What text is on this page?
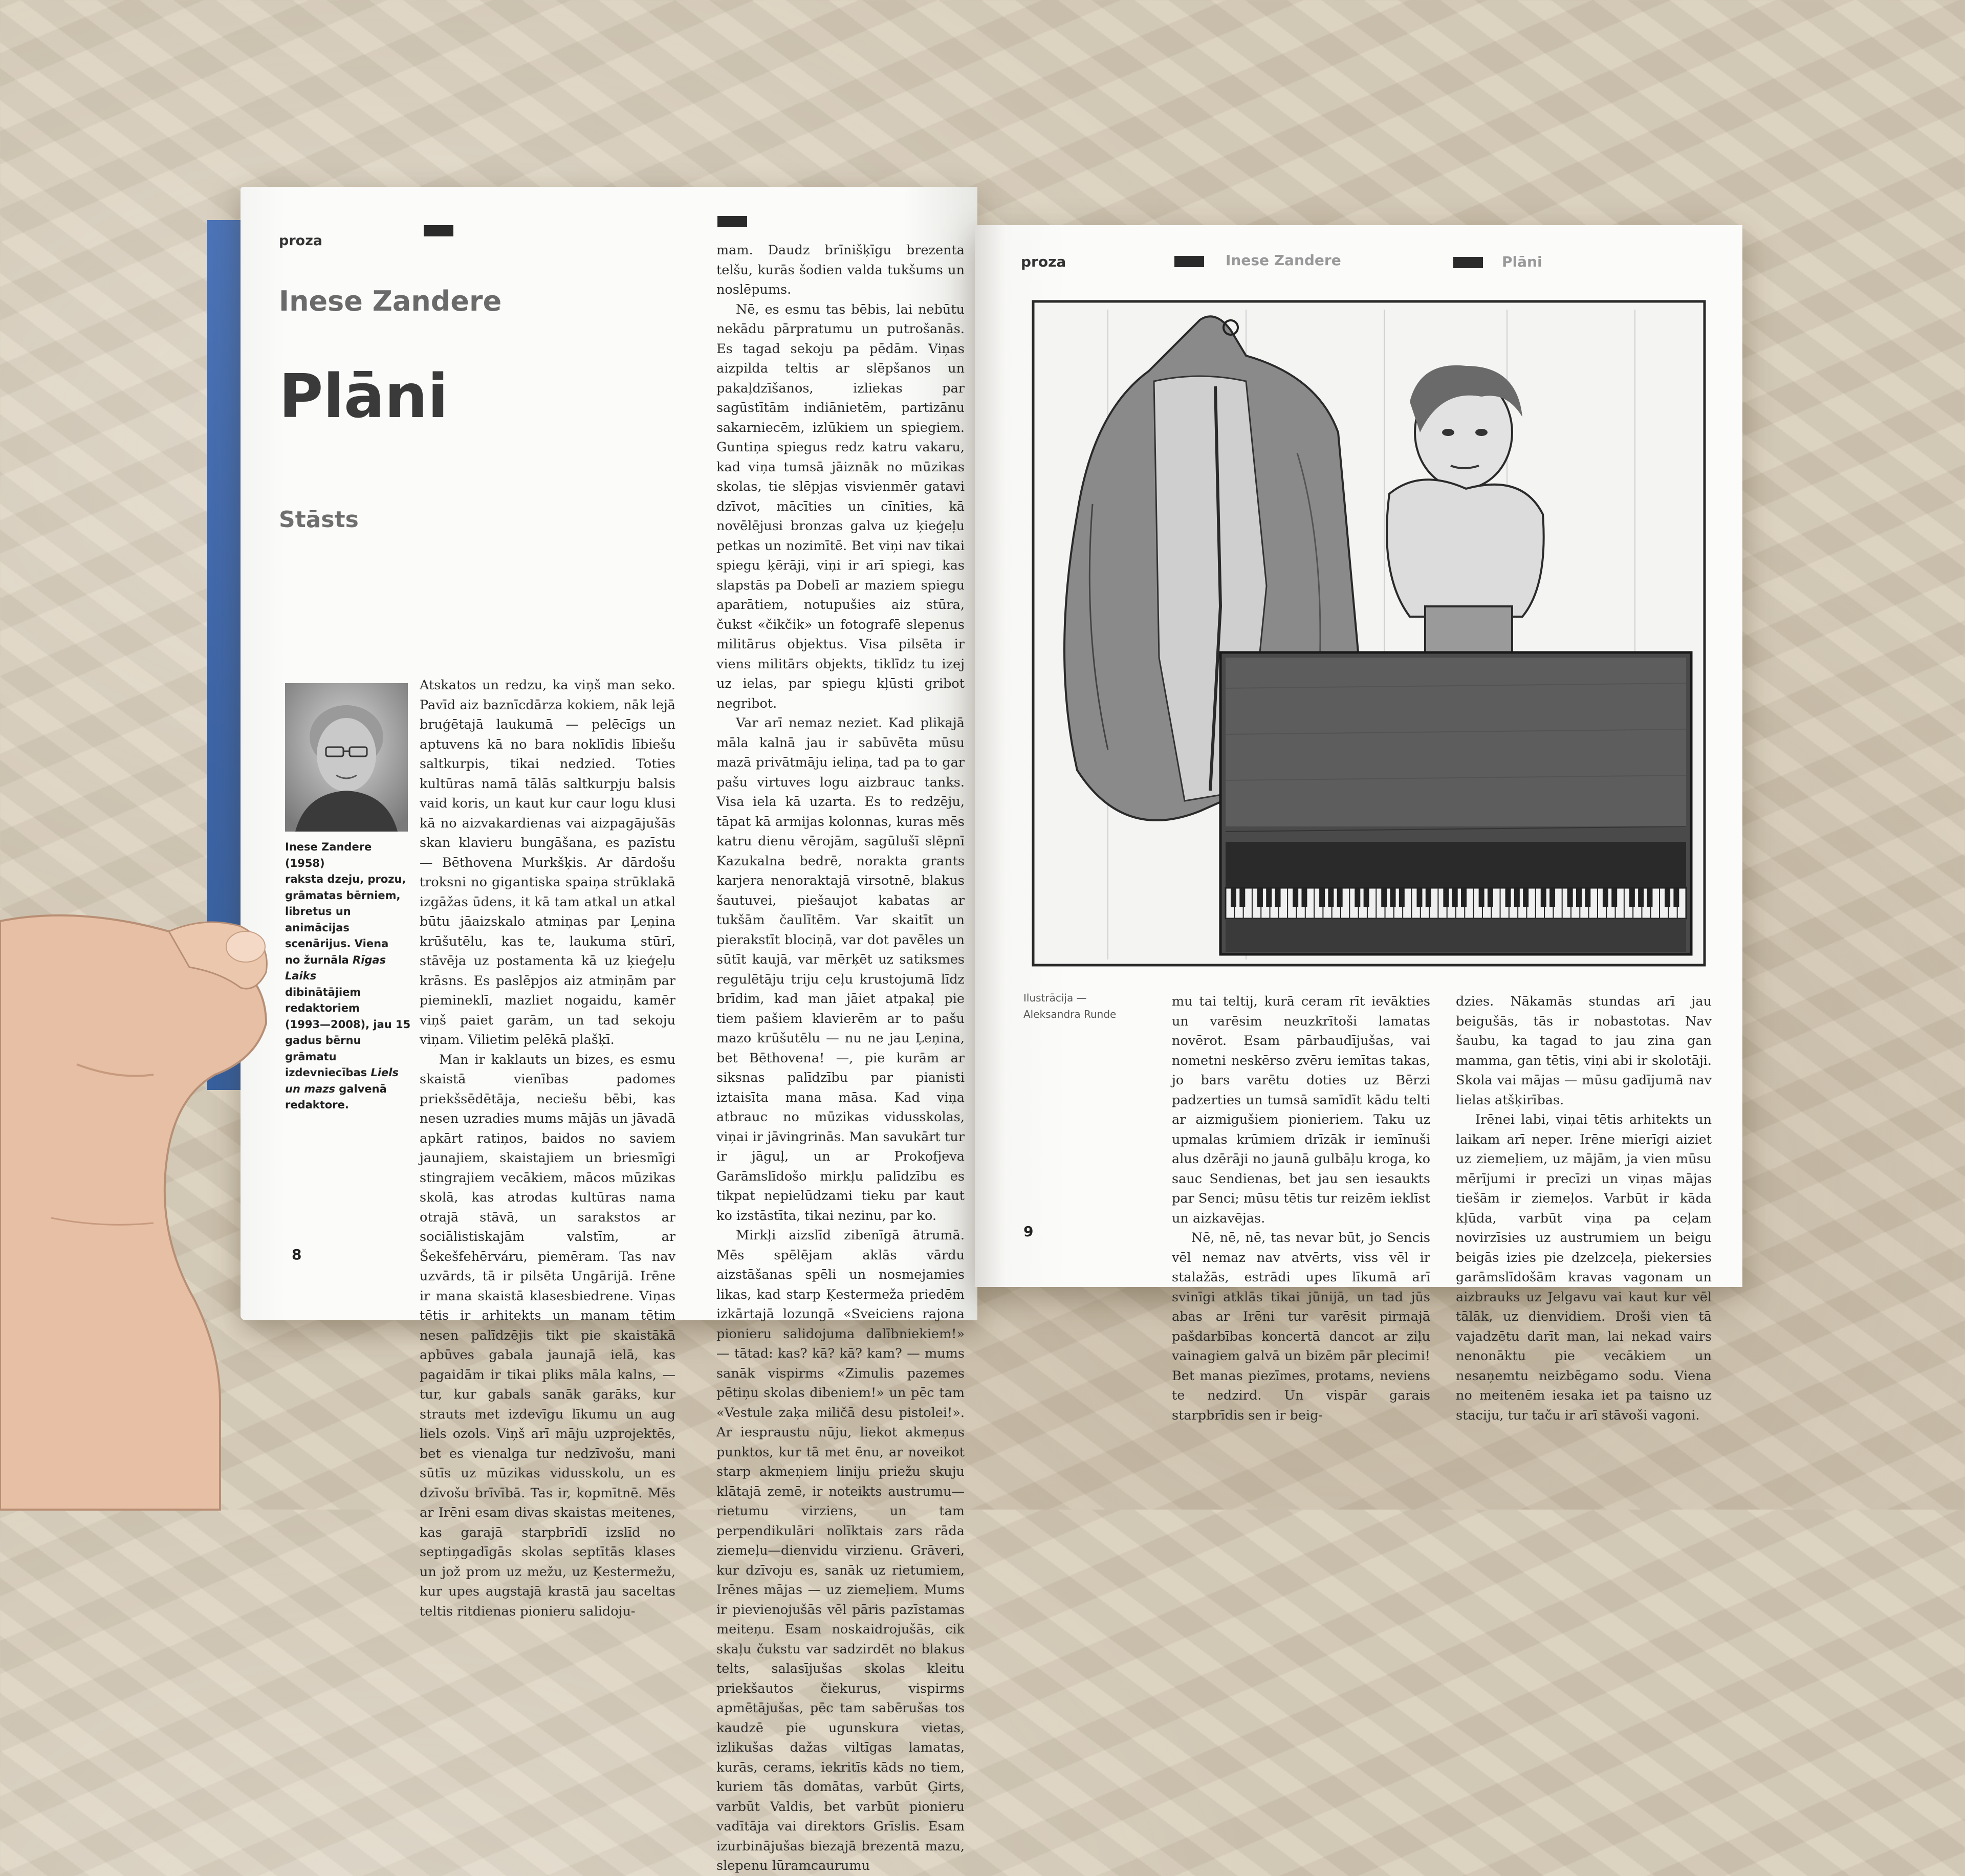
proza
Inese Zandere
Plāni
Stāsts
Inese Zandere (1958)
raksta dzeju, prozu,
grāmatas bērniem,
libretus un animācijas
scenārijus. Viena
no žurnāla Rīgas Laiks
dibinātājiem
redaktoriem
(1993—2008), jau 15
gadus bērnu grāmatu
izdevniecības Liels un mazs galvenā
redaktore.

Atskatos un redzu, ka viņš man seko. Pavīd aiz baznīcdārza kokiem, nāk lejā bruģētajā laukumā — pelēcīgs un aptuvens kā no bara noklīdis lībiešu saltkurpis, tikai nedzied. Toties kultūras namā tālās saltkurpju balsis vaid koris, un kaut kur caur logu klusi kā no aizvakardienas vai aizpagājušās skan klavieru bungāšana, es pazīstu — Bēthovena Murkšķis. Ar dārdošu troksni no gigantiska spaiņa strūklakā izgāžas ūdens, it kā tam atkal un atkal būtu jāaizskalo atmiņas par Ļeņina krūšutēlu, kas te, laukuma stūrī, stāvēja uz postamenta kā uz ķieģeļu krāsns. Es paslēpjos aiz atmiņām par piemineklī, mazliet nogaidu, kamēr viņš paiet garām, un tad sekoju viņam. Vilietim pelēkā plašķī.

Man ir kaklauts un bizes, es esmu skaistā vienības padomes priekšsēdētāja, neciešu bēbi, kas nesen uzradies mums mājās un jāvadā apkārt ratiņos, baidos no saviem jaunajiem, skaistajiem un briesmīgi stingrajiem vecākiem, mācos mūzikas skolā, kas atrodas kultūras nama otrajā stāvā, un sarakstos ar sociālistiskajām valstīm, ar Šekešfehērváru, piemēram. Tas nav uzvārds, tā ir pilsēta Ungārijā. Irēne ir mana skaistā klasesbiedrene. Viņas tētis ir arhitekts un manam tētim nesen palīdzējis tikt pie skaistākā apbūves gabala jaunajā ielā, kas pagaidām ir tikai pliks māla kalns, — tur, kur gabals sanāk garāks, kur strauts met izdevīgu līkumu un aug liels ozols. Viņš arī māju uzprojektēs, bet es vienalga tur nedzīvošu, mani sūtīs uz mūzikas vidusskolu, un es dzīvošu brīvībā. Tas ir, kopmītnē. Mēs ar Irēni esam divas skaistas meitenes, kas garajā starpbrīdī izslīd no septiņgadīgās skolas septītās klases un jož prom uz mežu, uz Ķestermežu, kur upes augstajā krastā jau saceltas teltis ritdienas pionieru salidoju-

mam. Daudz brīnišķīgu brezenta telšu, kurās šodien valda tukšums un noslēpums.

Nē, es esmu tas bēbis, lai nebūtu nekādu pārpratumu un putrošanās. Es tagad sekoju pa pēdām. Viņas aizpilda teltis ar slēpšanos un pakaļdzīšanos, izliekas par sagūstītām indiānietēm, partizānu sakarniecēm, izlūkiem un spiegiem. Guntiņa spiegus redz katru vakaru, kad viņa tumsā jāiznāk no mūzikas skolas, tie slēpjas visvienmēr gatavi dzīvot, mācīties un cīnīties, kā novēlējusi bronzas galva uz ķieģeļu petkas un nozimītē. Bet viņi nav tikai spiegu ķērāji, viņi ir arī spiegi, kas slapstās pa Dobelī ar maziem spiegu aparātiem, notupušies aiz stūra, čukst «čikčik» un fotografē slepenus militārus objektus. Visa pilsēta ir viens militārs objekts, tiklīdz tu izej uz ielas, par spiegu kļūsti gribot negribot.

Var arī nemaz neziet. Kad plikajā māla kalnā jau ir sabūvēta mūsu mazā privātmāju ieliņa, tad pa to gar pašu virtuves logu aizbrauc tanks. Visa iela kā uzarta. Es to redzēju, tāpat kā armijas kolonnas, kuras mēs katru dienu vērojām, sagūlušī slēpnī Kazukalna bedrē, norakta grants karjera nenoraktajā virsotnē, blakus šautuvei, piešaujot kabatas ar tukšām čaulītēm. Var skaitīt un pierakstīt blociņā, var dot pavēles un sūtīt kaujā, var mērķēt uz satiksmes regulētāju triju ceļu krustojumā līdz brīdim, kad man jāiet atpakaļ pie tiem pašiem klavierēm ar to pašu mazo krūšutēlu — nu ne jau Ļeņina, bet Bēthovena! —, pie kurām ar siksnas palīdzību par pianisti iztaisīta mana māsa. Kad viņa atbrauc no mūzikas vidusskolas, viņai ir jāvingrinās. Man savukārt tur ir jāguļ, un ar Prokofjeva Garāmslīdošo mirkļu palīdzību es tikpat nepielūdzami tieku par kaut ko izstāstīta, tikai nezinu, par ko.

Mirkļi aizslīd zibenīgā ātrumā. Mēs spēlējam aklās vārdu aizstāšanas spēli un nosmejamies likas, kad starp Ķestermeža priedēm izkārtajā lozungā «Sveiciens rajona pionieru salidojuma dalībniekiem!» — tātad: kas? kā? kā? kam? — mums sanāk vispirms «Zimulis pazemes pētiņu skolas dibeniem!» un pēc tam «Vestule zaķa miličā desu pistolei!». Ar iespraustu nūju, liekot akmeņus punktos, kur tā met ēnu, ar noveikot starp akmeņiem liniju priežu skuju klātajā zemē, ir noteikts austrumu—rietumu virziens, un tam perpendikulāri nolīktais zars rāda ziemeļu—dienvidu virzienu. Grāveri, kur dzīvoju es, sanāk uz rietumiem, Irēnes mājas — uz ziemeļiem. Mums ir pievienojušās vēl pāris pazīstamas meiteņu. Esam noskaidrojušās, cik skaļu čukstu var sadzirdēt no blakus telts, salasījušas skolas kleitu priekšautos čiekurus, vispirms apmētājušas, pēc tam sabērušas tos kaudzē pie ugunskura vietas, izlikušas dažas viltīgas lamatas, kurās, cerams, iekritīs kāds no tiem, kuriem tās domātas, varbūt Ģirts, varbūt Valdis, bet varbūt pionieru vadītāja vai direktors Grīslis. Esam izurbinājušas biezajā brezentā mazu, slepenu lūramcaurumu

8
proza	Inese Zandere	Plāni
Ilustrācija —
Aleksandra Runde

mu tai teltij, kurā ceram rīt ievākties un varēsim neuzkrītoši lamatas novērot. Esam pārbaudījušas, vai nometni neskērso zvēru iemītas takas, jo bars varētu doties uz Bērzi padzerties un tumsā samīdīt kādu telti ar aizmigušiem pionieriem. Taku uz upmalas krūmiem drīzāk ir iemīnuši alus dzērāji no jaunā gulbāļu kroga, ko sauc Sendienas, bet jau sen iesaukts par Senci; mūsu tētis tur reizēm ieklīst un aizkavējas.

Nē, nē, nē, tas nevar būt, jo Sencis vēl nemaz nav atvērts, viss vēl ir stalažās, estrādi upes līkumā arī svinīgi atklās tikai jūnijā, un tad jūs abas ar Irēni tur varēsit pirmajā pašdarbības koncertā dancot ar ziļu vainagiem galvā un bizēm pār plecimi! Bet manas piezīmes, protams, neviens te nedzird. Un vispār garais starpbrīdis sen ir beig-

dzies. Nākamās stundas arī jau beigušās, tās ir nobastotas. Nav šaubu, ka tagad to jau zina gan mamma, gan tētis, viņi abi ir skolotāji. Skola vai mājas — mūsu gadījumā nav lielas atšķirības.

Irēnei labi, viņai tētis arhitekts un laikam arī neper. Irēne mierīgi aiziet uz ziemeļiem, uz mājām, ja vien mūsu mērījumi ir precīzi un viņas mājas tiešām ir ziemeļos. Varbūt ir kāda kļūda, varbūt viņa pa ceļam novirzīsies uz austrumiem un beigu beigās izies pie dzelzceļa, piekersies garāmslīdošām kravas vagonam un aizbrauks uz Jelgavu vai kaut kur vēl tālāk, uz dienvidiem. Droši vien tā vajadzētu darīt man, lai nekad vairs nenonāktu pie vecākiem un nesaņemtu neizbēgamo sodu. Viena no meitenēm iesaka iet pa taisno uz staciju, tur taču ir arī stāvoši vagoni.

9
